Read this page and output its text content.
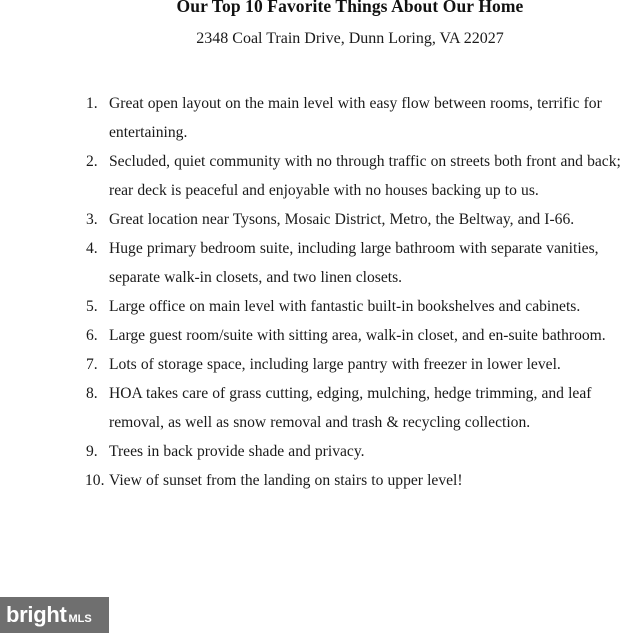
Our Top 10 Favorite Things About Our Home
2348 Coal Train Drive, Dunn Loring, VA 22027
1. Great open layout on the main level with easy flow between rooms, terrific for entertaining.
2. Secluded, quiet community with no through traffic on streets both front and back; rear deck is peaceful and enjoyable with no houses backing up to us.
3. Great location near Tysons, Mosaic District, Metro, the Beltway, and I-66.
4. Huge primary bedroom suite, including large bathroom with separate vanities, separate walk-in closets, and two linen closets.
5. Large office on main level with fantastic built-in bookshelves and cabinets.
6. Large guest room/suite with sitting area, walk-in closet, and en-suite bathroom.
7. Lots of storage space, including large pantry with freezer in lower level.
8. HOA takes care of grass cutting, edging, mulching, hedge trimming, and leaf removal, as well as snow removal and trash & recycling collection.
9. Trees in back provide shade and privacy.
10. View of sunset from the landing on stairs to upper level!
bright MLS
